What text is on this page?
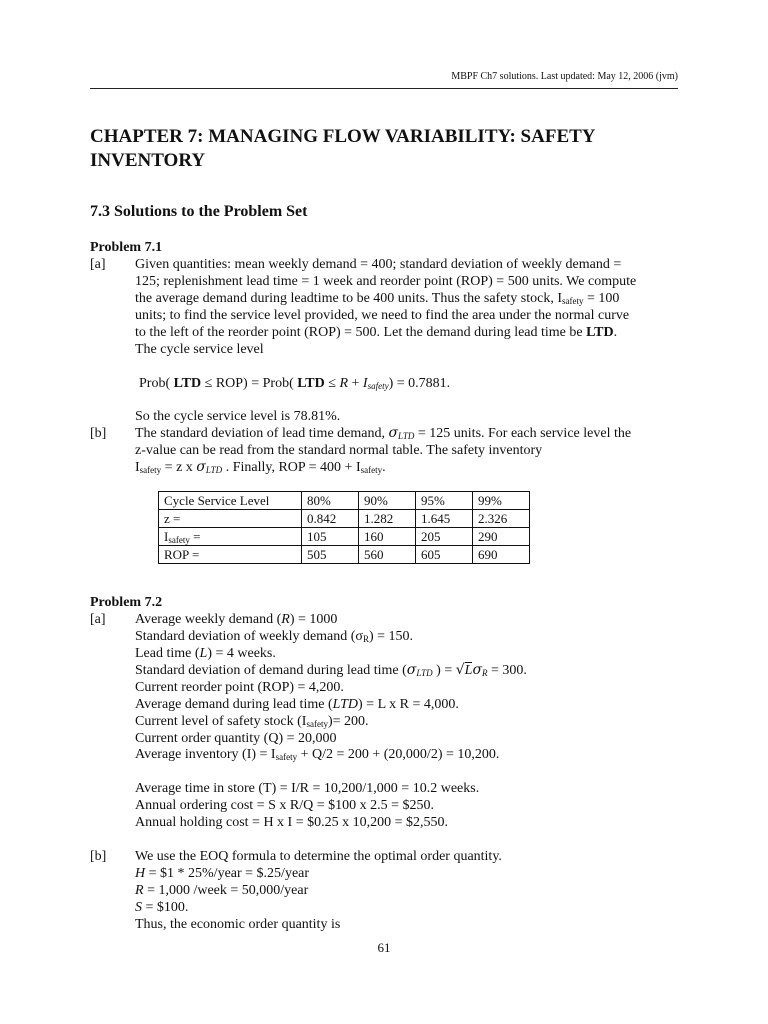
MBPF Ch7 solutions. Last updated: May 12, 2006 (jvm)
CHAPTER 7: MANAGING FLOW VARIABILITY: SAFETY
INVENTORY
7.3 Solutions to the Problem Set
Problem 7.1
[a] Given quantities: mean weekly demand = 400; standard deviation of weekly demand =
125; replenishment lead time = 1 week and reorder point (ROP) = 500 units. We compute
the average demand during leadtime to be 400 units. Thus the safety stock, $I_{safety} = 100$
units; to find the service level provided, we need to find the area under the normal curve
to the left of the reorder point (ROP) = 500. Let the demand during lead time be LTD.
The cycle service level
Prob( LTD ≤ ROP) = Prob( LTD ≤ $R + I_{safety}) = 0.7881$.
So the cycle service level is 78.81%.
[b] The standard deviation of lead time demand, $\sigma_{LTD} = 125$ units. For each service level the
z-value can be read from the standard normal table. The safety inventory
$I_{safety} = z$ x $\sigma_{LTD}$ . Finally, ROP = $400 + I_{safety}$.
Cycle Service Level	80%	90%	95%	99%
z =	0.842	1.282	1.645	2.326
$I_{safety}$ =	105	160	205	290
ROP =	505	560	605	690
Problem 7.2
[a] Average weekly demand (R) = 1000
Standard deviation of weekly demand $(\sigma_R) = 150$.
Lead time (L) = 4 weeks.
Standard deviation of demand during lead time ($\sigma_{LTD}$ ) = $√L\sigma_R = 300$.
Current reorder point (ROP) = 4,200.
Average demand during lead time (LTD) = L x R = 4,000.
Current level of safety stock $(I_{safety})= 200$.
Current order quantity (Q) = 20,000
Average inventory $(I) = I_{safety} + Q/2 = 200 + (20,000/2) = 10,200$.
Average time in store (T) = I/R = 10,200/1,000 = 10.2 weeks.
Annual ordering cost = S x R/Q = $100 x 2.5 = $250.
Annual holding cost = H x I = $0.25 x 10,200 = $2,550.
[b] We use the EOQ formula to determine the optimal order quantity.
H = $1 * 25%/year = $.25/year
R = 1,000 /week = 50,000/year
S = $100.
Thus, the economic order quantity is
61
